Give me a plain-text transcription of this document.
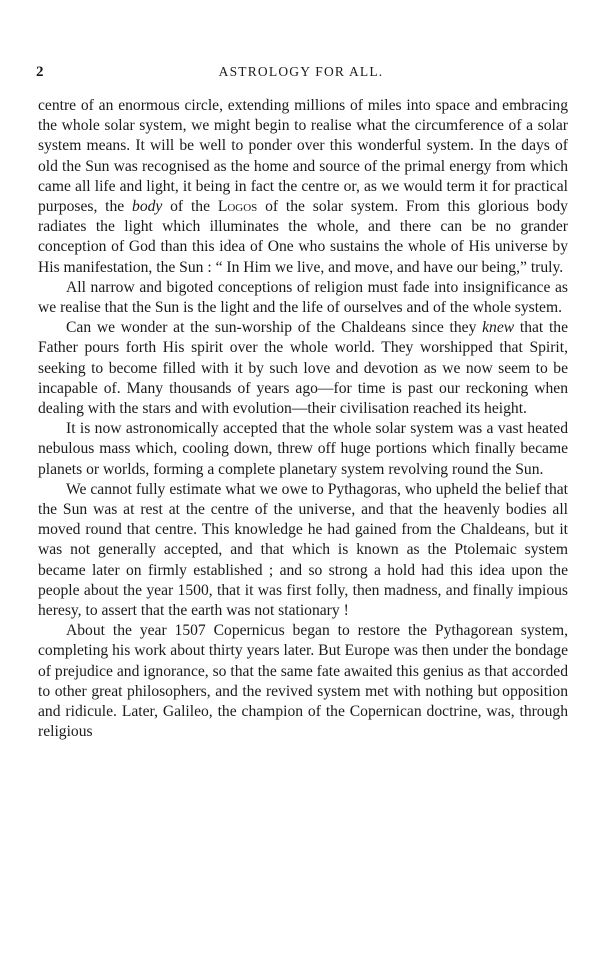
2	ASTROLOGY FOR ALL.

centre of an enormous circle, extending millions of miles into space and embracing the whole solar system, we might begin to realise what the circumference of a solar system means. It will be well to ponder over this wonderful system. In the days of old the Sun was recognised as the home and source of the primal energy from which came all life and light, it being in fact the centre or, as we would term it for practical purposes, the body of the Logos of the solar system. From this glorious body radiates the light which illuminates the whole, and there can be no grander conception of God than this idea of One who sustains the whole of His universe by His manifestation, the Sun : “ In Him we live, and move, and have our being,” truly.

All narrow and bigoted conceptions of religion must fade into insignificance as we realise that the Sun is the light and the life of ourselves and of the whole system.

Can we wonder at the sun-worship of the Chaldeans since they knew that the Father pours forth His spirit over the whole world. They worshipped that Spirit, seeking to become filled with it by such love and devotion as we now seem to be incapable of. Many thousands of years ago—for time is past our reckoning when dealing with the stars and with evolution—their civilisation reached its height.

It is now astronomically accepted that the whole solar system was a vast heated nebulous mass which, cooling down, threw off huge portions which finally became planets or worlds, forming a complete planetary system revolving round the Sun.

We cannot fully estimate what we owe to Pythagoras, who upheld the belief that the Sun was at rest at the centre of the universe, and that the heavenly bodies all moved round that centre. This knowledge he had gained from the Chaldeans, but it was not generally accepted, and that which is known as the Ptolemaic system became later on firmly established ; and so strong a hold had this idea upon the people about the year 1500, that it was first folly, then madness, and finally impious heresy, to assert that the earth was not stationary !

About the year 1507 Copernicus began to restore the Pythagorean system, completing his work about thirty years later. But Europe was then under the bondage of prejudice and ignorance, so that the same fate awaited this genius as that accorded to other great philosophers, and the revived system met with nothing but opposition and ridicule. Later, Galileo, the champion of the Copernican doctrine, was, through religious
